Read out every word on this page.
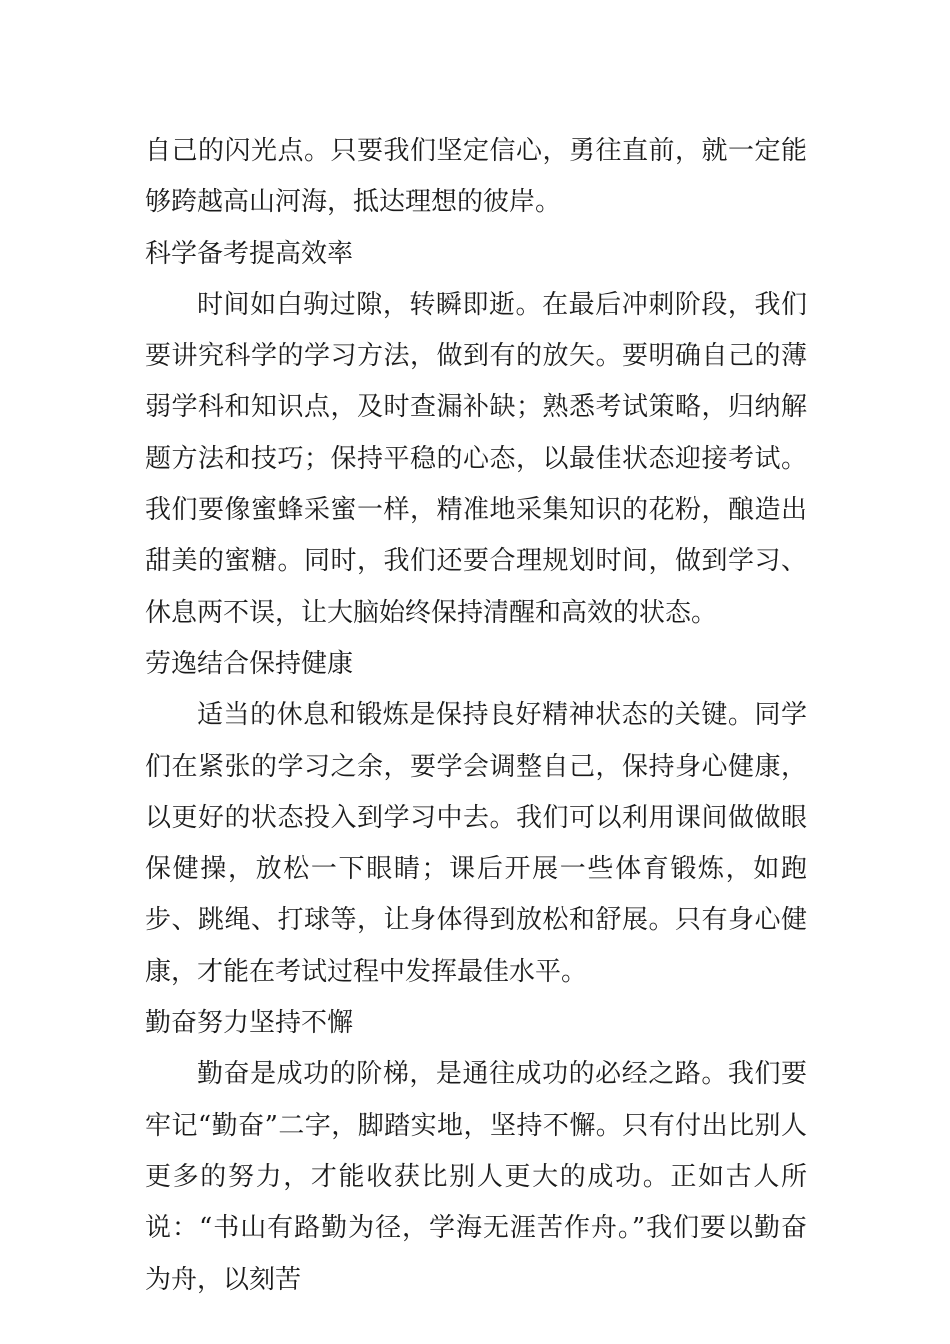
自己的闪光点。只要我们坚定信心，勇往直前，就一定能够跨越高山河海，抵达理想的彼岸。

科学备考提高效率

时间如白驹过隙，转瞬即逝。在最后冲刺阶段，我们要讲究科学的学习方法，做到有的放矢。要明确自己的薄弱学科和知识点，及时查漏补缺；熟悉考试策略，归纳解题方法和技巧；保持平稳的心态，以最佳状态迎接考试。我们要像蜜蜂采蜜一样，精准地采集知识的花粉，酿造出甜美的蜜糖。同时，我们还要合理规划时间，做到学习、休息两不误，让大脑始终保持清醒和高效的状态。

劳逸结合保持健康

适当的休息和锻炼是保持良好精神状态的关键。同学们在紧张的学习之余，要学会调整自己，保持身心健康，以更好的状态投入到学习中去。我们可以利用课间做做眼保健操，放松一下眼睛；课后开展一些体育锻炼，如跑步、跳绳、打球等，让身体得到放松和舒展。只有身心健康，才能在考试过程中发挥最佳水平。

勤奋努力坚持不懈

勤奋是成功的阶梯，是通往成功的必经之路。我们要牢记“勤奋”二字，脚踏实地，坚持不懈。只有付出比别人更多的努力，才能收获比别人更大的成功。正如古人所说：“书山有路勤为径，学海无涯苦作舟。”我们要以勤奋为舟，以刻苦
